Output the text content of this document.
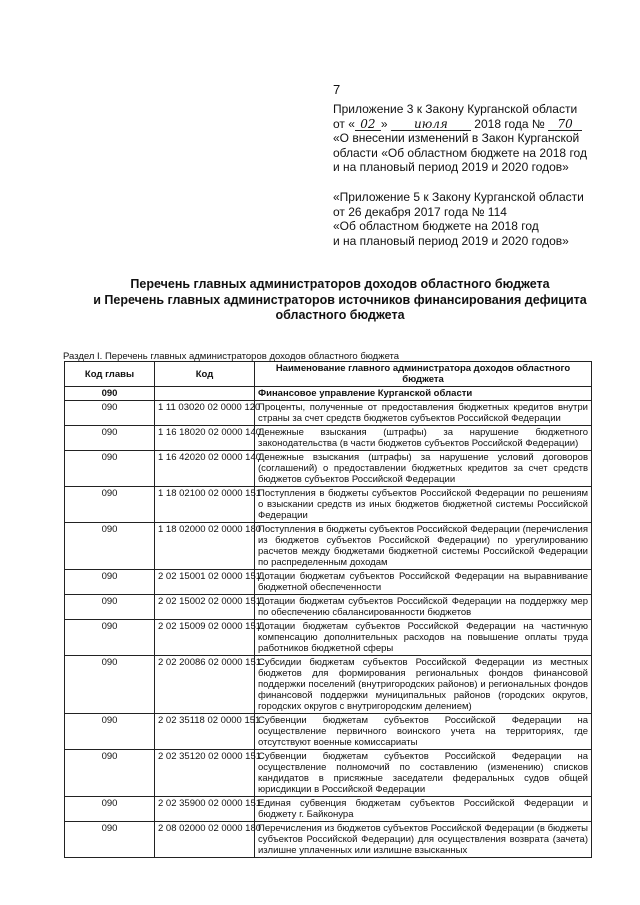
7
Приложение 3 к Закону Курганской области
от « 02 » июля 2018 года № 70
«О внесении изменений в Закон Курганской
области «Об областном бюджете на 2018 год
и на плановый период 2019 и 2020 годов»
«Приложение 5 к Закону Курганской области
от 26 декабря 2017 года № 114
«Об областном бюджете на 2018 год
и на плановый период 2019 и 2020 годов»
Перечень главных администраторов доходов областного бюджета
и Перечень главных администраторов источников финансирования дефицита
областного бюджета
Раздел I. Перечень главных администраторов доходов областного бюджета
Код главы	Код	Наименование главного администратора доходов областного бюджета
090		Финансовое управление Курганской области
090	1 11 03020 02 0000 120	Проценты, полученные от предоставления бюджетных кредитов внутри страны за счет средств бюджетов субъектов Российской Федерации
090	1 16 18020 02 0000 140	Денежные взыскания (штрафы) за нарушение бюджетного законодательства (в части бюджетов субъектов Российской Федерации)
090	1 16 42020 02 0000 140	Денежные взыскания (штрафы) за нарушение условий договоров (соглашений) о предоставлении бюджетных кредитов за счет средств бюджетов субъектов Российской Федерации
090	1 18 02100 02 0000 151	Поступления в бюджеты субъектов Российской Федерации по решениям о взыскании средств из иных бюджетов бюджетной системы Российской Федерации
090	1 18 02000 02 0000 180	Поступления в бюджеты субъектов Российской Федерации (перечисления из бюджетов субъектов Российской Федерации) по урегулированию расчетов между бюджетами бюджетной системы Российской Федерации по распределенным доходам
090	2 02 15001 02 0000 151	Дотации бюджетам субъектов Российской Федерации на выравнивание бюджетной обеспеченности
090	2 02 15002 02 0000 151	Дотации бюджетам субъектов Российской Федерации на поддержку мер по обеспечению сбалансированности бюджетов
090	2 02 15009 02 0000 151	Дотации бюджетам субъектов Российской Федерации на частичную компенсацию дополнительных расходов на повышение оплаты труда работников бюджетной сферы
090	2 02 20086 02 0000 151	Субсидии бюджетам субъектов Российской Федерации из местных бюджетов для формирования региональных фондов финансовой поддержки поселений (внутригородских районов) и региональных фондов финансовой поддержки муниципальных районов (городских округов, городских округов с внутригородским делением)
090	2 02 35118 02 0000 151	Субвенции бюджетам субъектов Российской Федерации на осуществление первичного воинского учета на территориях, где отсутствуют военные комиссариаты
090	2 02 35120 02 0000 151	Субвенции бюджетам субъектов Российской Федерации на осуществление полномочий по составлению (изменению) списков кандидатов в присяжные заседатели федеральных судов общей юрисдикции в Российской Федерации
090	2 02 35900 02 0000 151	Единая субвенция бюджетам субъектов Российской Федерации и бюджету г. Байконура
090	2 08 02000 02 0000 180	Перечисления из бюджетов субъектов Российской Федерации (в бюджеты субъектов Российской Федерации) для осуществления возврата (зачета) излишне уплаченных или излишне взысканных
